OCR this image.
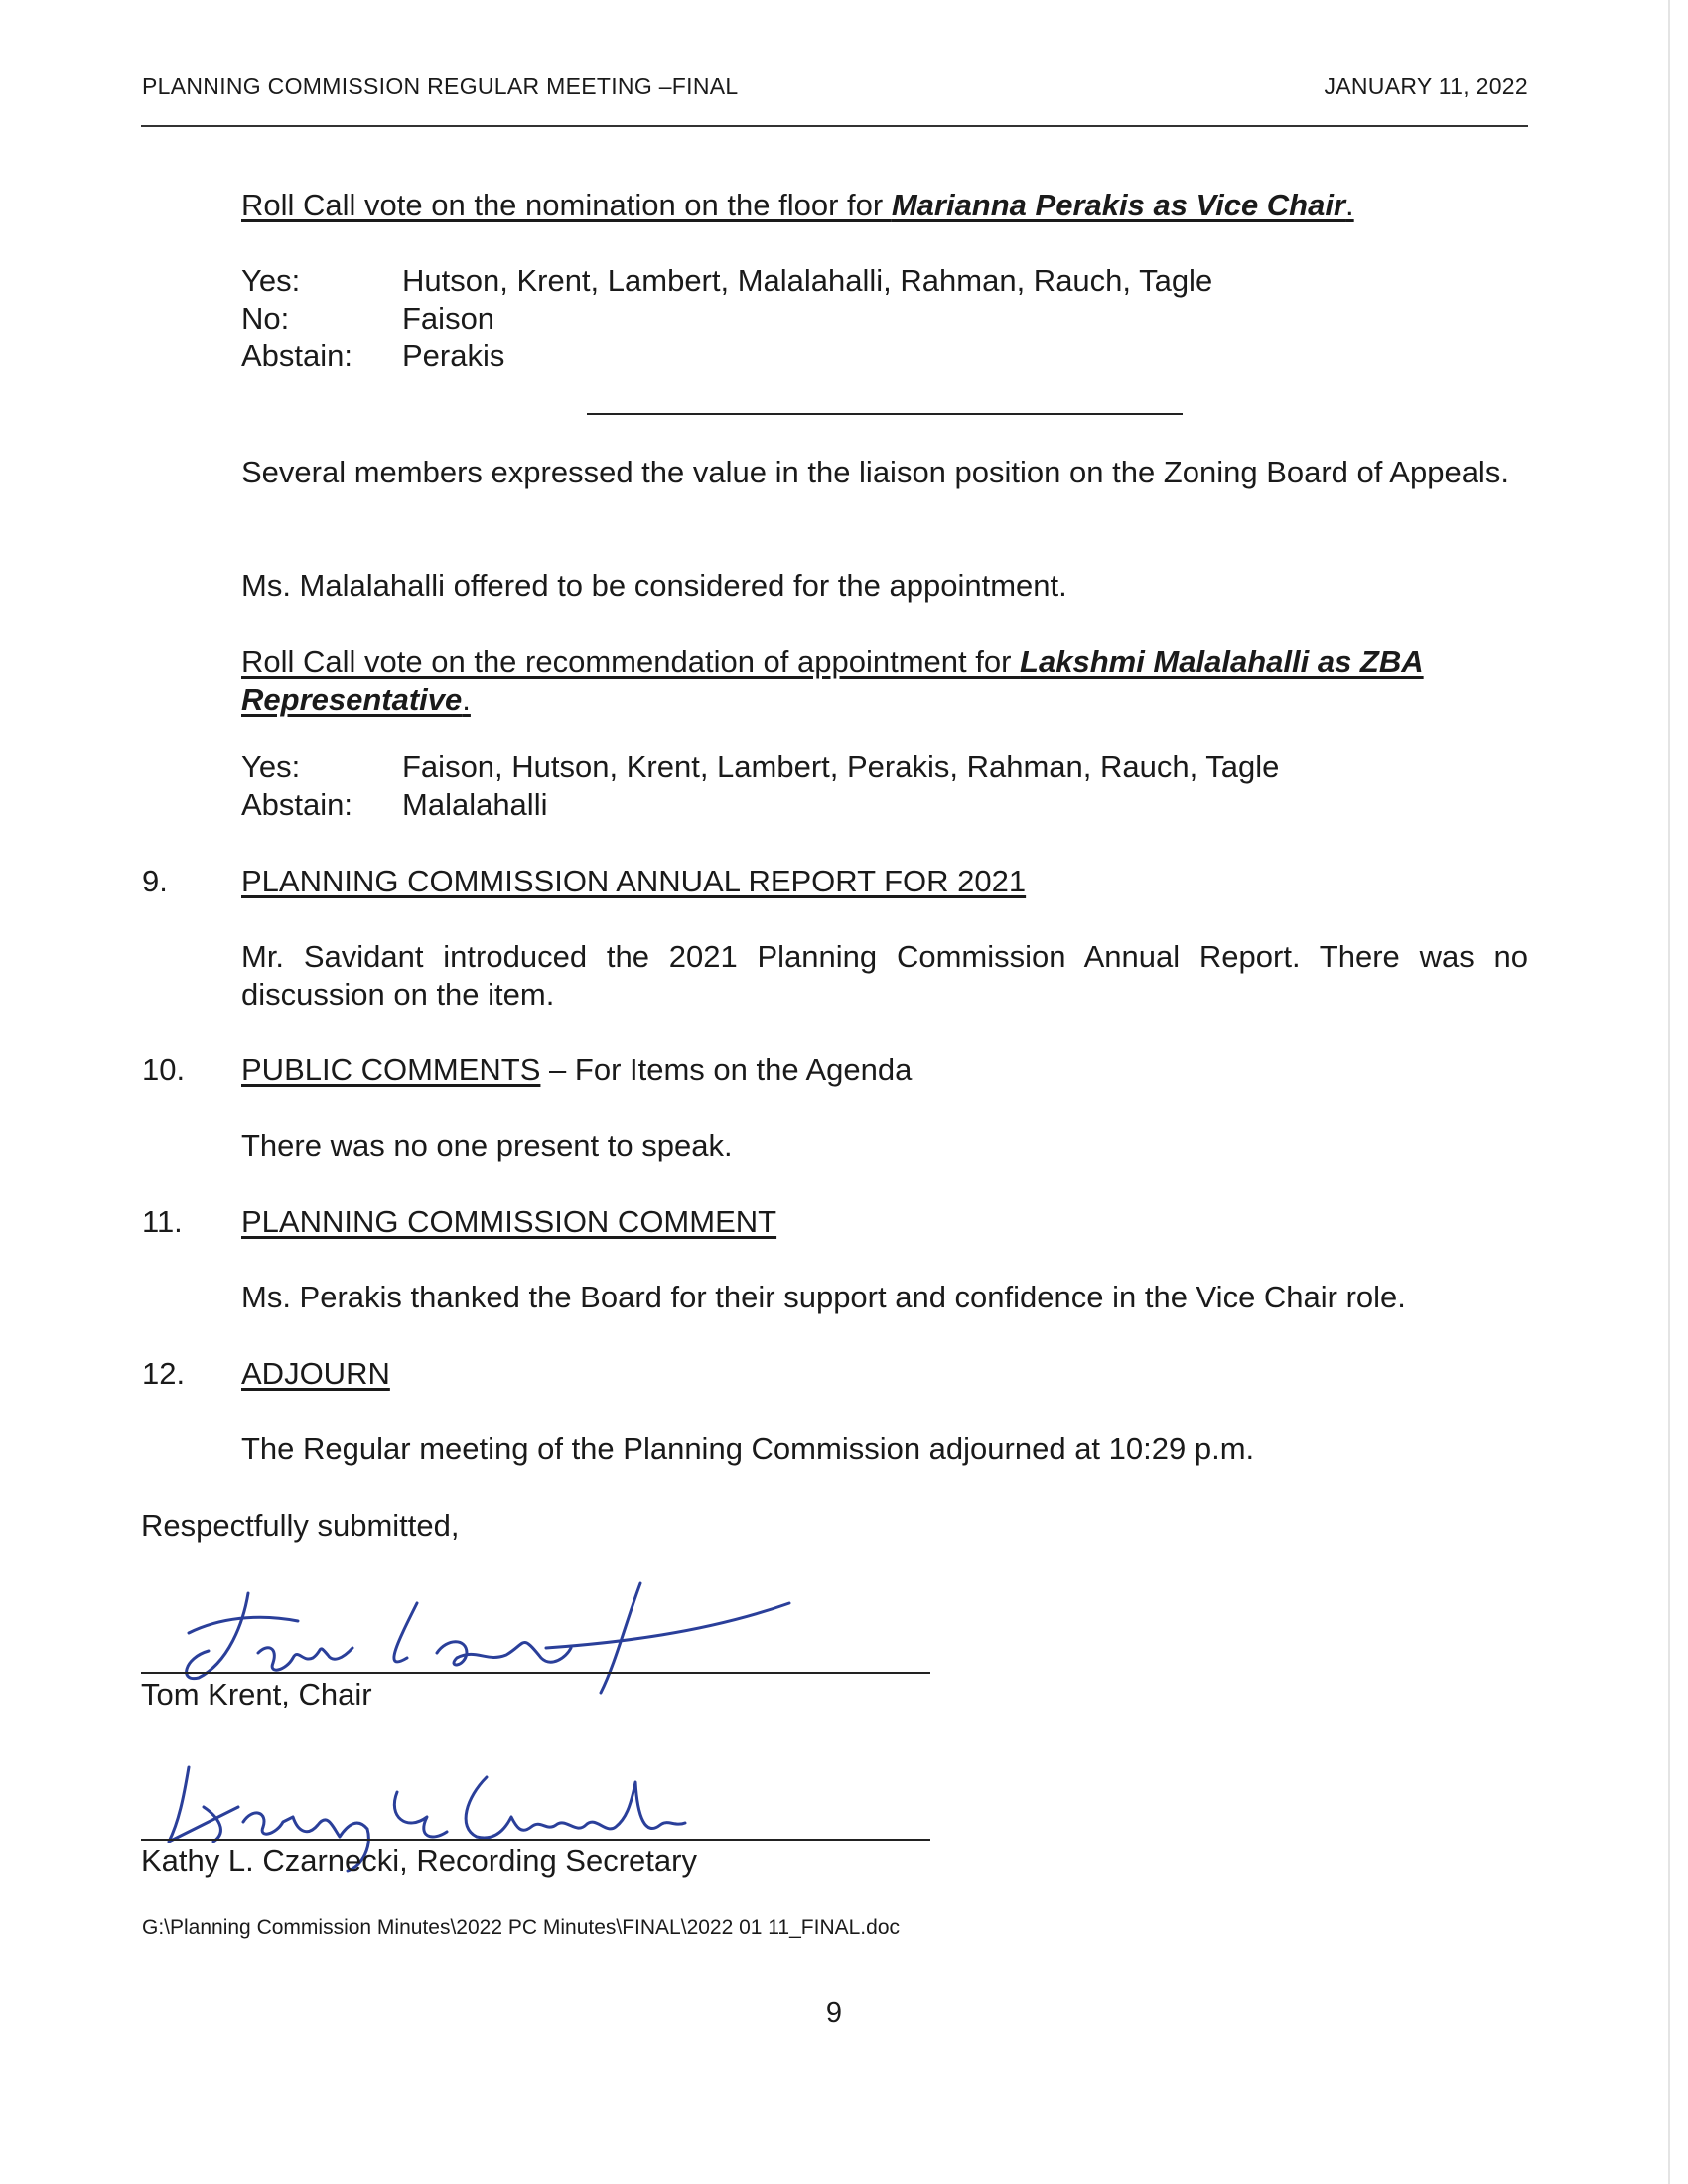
PLANNING COMMISSION REGULAR MEETING –FINAL	JANUARY 11, 2022
Roll Call vote on the nomination on the floor for Marianna Perakis as Vice Chair.
Yes:	Hutson, Krent, Lambert, Malalahalli, Rahman, Rauch, Tagle
No:	Faison
Abstain: Perakis
Several members expressed the value in the liaison position on the Zoning Board of Appeals.
Ms. Malalahalli offered to be considered for the appointment.
Roll Call vote on the recommendation of appointment for Lakshmi Malalahalli as ZBA
Representative.
Yes:	Faison, Hutson, Krent, Lambert, Perakis, Rahman, Rauch, Tagle
Abstain: Malalahalli
9. PLANNING COMMISSION ANNUAL REPORT FOR 2021
Mr. Savidant introduced the 2021 Planning Commission Annual Report. There was no discussion on the item.
10. PUBLIC COMMENTS – For Items on the Agenda
There was no one present to speak.
11. PLANNING COMMISSION COMMENT
Ms. Perakis thanked the Board for their support and confidence in the Vice Chair role.
12. ADJOURN
The Regular meeting of the Planning Commission adjourned at 10:29 p.m.
Respectfully submitted,
Tom Krent, Chair
Kathy L. Czarnecki, Recording Secretary
G:\Planning Commission Minutes\2022 PC Minutes\FINAL\2022 01 11_FINAL.doc
9
